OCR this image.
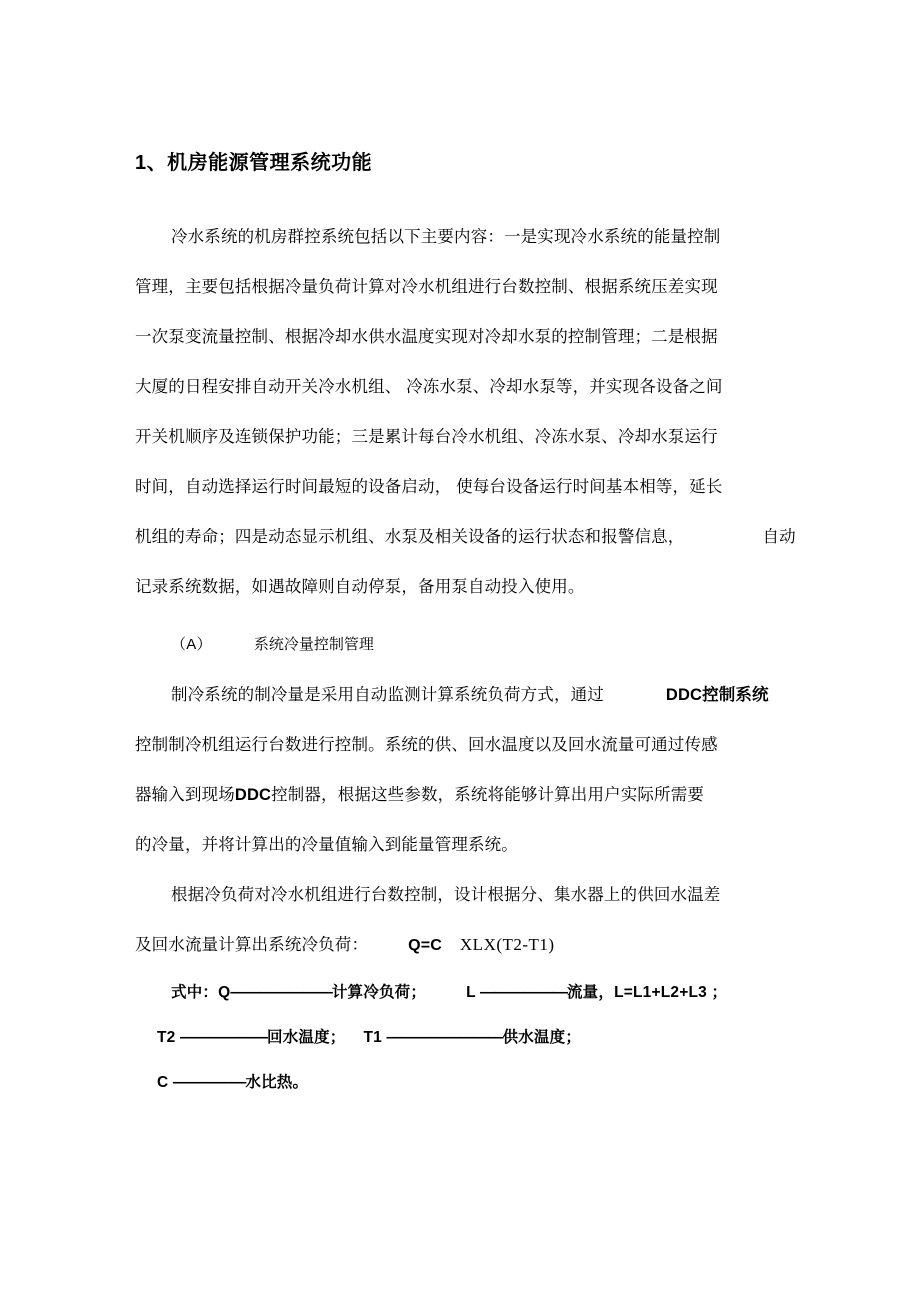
1、机房能源管理系统功能
冷水系统的机房群控系统包括以下主要内容：一是实现冷水系统的能量控制
管理，主要包括根据冷量负荷计算对冷水机组进行台数控制、根据系统压差实现
一次泵变流量控制、根据冷却水供水温度实现对冷却水泵的控制管理；二是根据
大厦的日程安排自动开关冷水机组、 冷冻水泵、冷却水泵等，并实现各设备之间
开关机顺序及连锁保护功能；三是累计每台冷水机组、冷冻水泵、冷却水泵运行
时间，自动选择运行时间最短的设备启动， 使每台设备运行时间基本相等，延长
机组的寿命；四是动态显示机组、水泵及相关设备的运行状态和报警信息，	自动
记录系统数据，如遇故障则自动停泵，备用泵自动投入使用。
（A）	系统冷量控制管理
制冷系统的制冷量是采用自动监测计算系统负荷方式，通过	DDC控制系统
控制制冷机组运行台数进行控制。系统的供、回水温度以及回水流量可通过传感
器输入到现场DDC控制器，根据这些参数，系统将能够计算出用户实际所需要
的冷量，并将计算出的冷量值输入到能量管理系统。
根据冷负荷对冷水机组进行台数控制，设计根据分、集水器上的供回水温差
及回水流量计算出系统冷负荷：	Q=C XLX(T2-T1)
式中：Q———————计算冷负荷；	L ——————流量，L=L1+L2+L3 ；
T2 ——————回水温度； T1 ————————供水温度；
C —————水比热。
